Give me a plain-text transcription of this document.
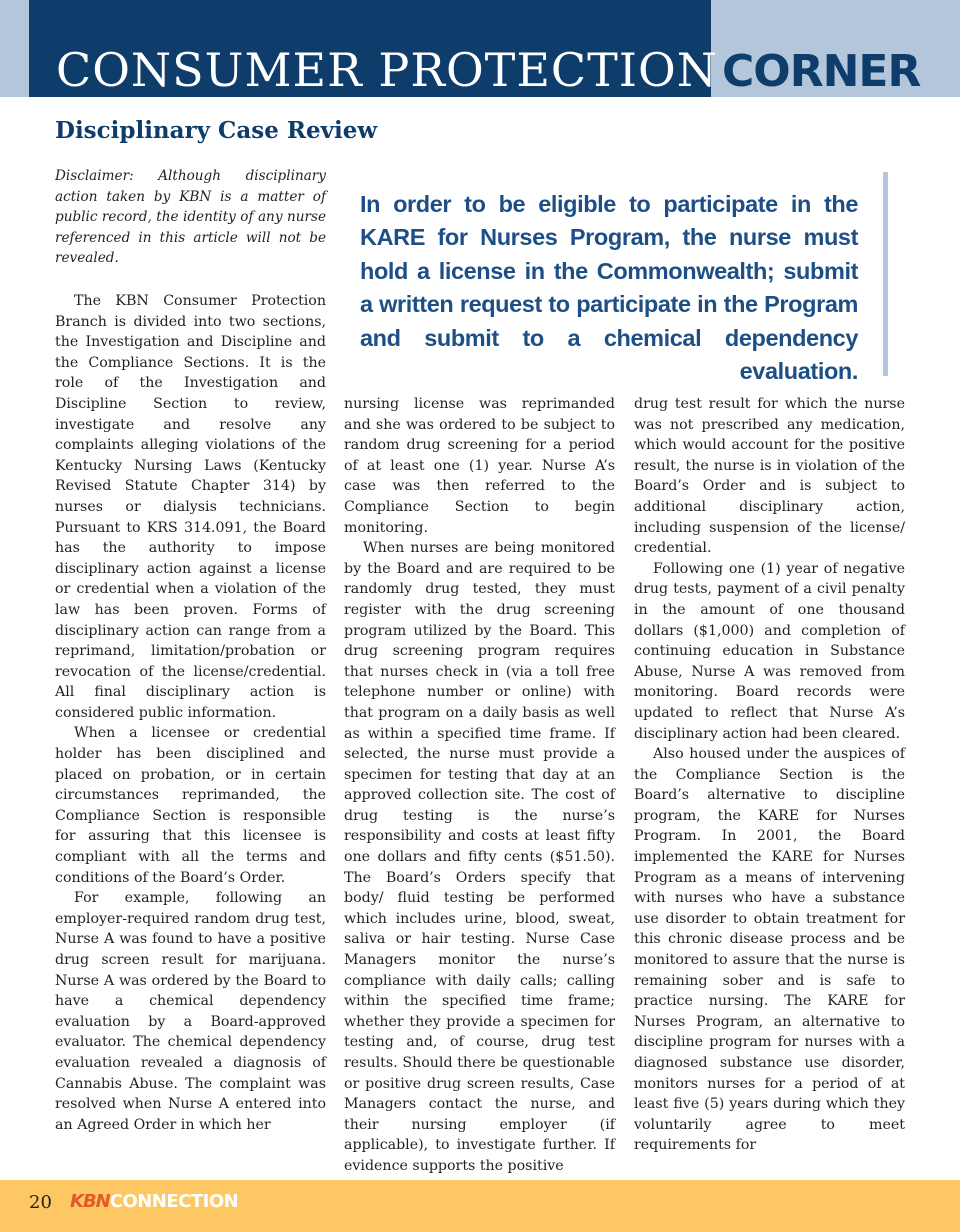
CONSUMER PROTECTION CORNER
Disciplinary Case Review
Disclaimer: Although disciplinary action taken by KBN is a matter of public record, the identity of any nurse referenced in this article will not be revealed.
In order to be eligible to participate in the KARE for Nurses Program, the nurse must hold a license in the Commonwealth; submit a written request to participate in the Program and submit to a chemical dependency evaluation.

The KBN Consumer Protection Branch is divided into two sections, the Investigation and Discipline and the Compliance Sections. It is the role of the Investigation and Discipline Section to review, investigate and resolve any complaints alleging violations of the Kentucky Nursing Laws (Kentucky Revised Statute Chapter 314) by nurses or dialysis technicians. Pursuant to KRS 314.091, the Board has the authority to impose disciplinary action against a license or credential when a violation of the law has been proven. Forms of disciplinary action can range from a reprimand, limitation/probation or revocation of the license/credential. All final disciplinary action is considered public information.

When a licensee or credential holder has been disciplined and placed on probation, or in certain circumstances reprimanded, the Compliance Section is responsible for assuring that this licensee is compliant with all the terms and conditions of the Board’s Order.

For example, following an employer-required random drug test, Nurse A was found to have a positive drug screen result for marijuana. Nurse A was ordered by the Board to have a chemical dependency evaluation by a Board-approved evaluator. The chemical dependency evaluation revealed a diagnosis of Cannabis Abuse. The complaint was resolved when Nurse A entered into an Agreed Order in which her

nursing license was reprimanded and she was ordered to be subject to random drug screening for a period of at least one (1) year. Nurse A’s case was then referred to the Compliance Section to begin monitoring.

When nurses are being monitored by the Board and are required to be randomly drug tested, they must register with the drug screening program utilized by the Board. This drug screening program requires that nurses check in (via a toll free telephone number or online) with that program on a daily basis as well as within a specified time frame. If selected, the nurse must provide a specimen for testing that day at an approved collection site. The cost of drug testing is the nurse’s responsibility and costs at least fifty one dollars and fifty cents ($51.50). The Board’s Orders specify that body/ fluid testing be performed which includes urine, blood, sweat, saliva or hair testing. Nurse Case Managers monitor the nurse’s compliance with daily calls; calling within the specified time frame; whether they provide a specimen for testing and, of course, drug test results. Should there be questionable or positive drug screen results, Case Managers contact the nurse, and their nursing employer (if applicable), to investigate further. If evidence supports the positive

drug test result for which the nurse was not prescribed any medication, which would account for the positive result, the nurse is in violation of the Board’s Order and is subject to additional disciplinary action, including suspension of the license/ credential.

Following one (1) year of negative drug tests, payment of a civil penalty in the amount of one thousand dollars ($1,000) and completion of continuing education in Substance Abuse, Nurse A was removed from monitoring. Board records were updated to reflect that Nurse A’s disciplinary action had been cleared.

Also housed under the auspices of the Compliance Section is the Board’s alternative to discipline program, the KARE for Nurses Program. In 2001, the Board implemented the KARE for Nurses Program as a means of intervening with nurses who have a substance use disorder to obtain treatment for this chronic disease process and be monitored to assure that the nurse is remaining sober and is safe to practice nursing. The KARE for Nurses Program, an alternative to discipline program for nurses with a diagnosed substance use disorder, monitors nurses for a period of at least five (5) years during which they voluntarily agree to meet requirements for

20 KBNCONNECTION
